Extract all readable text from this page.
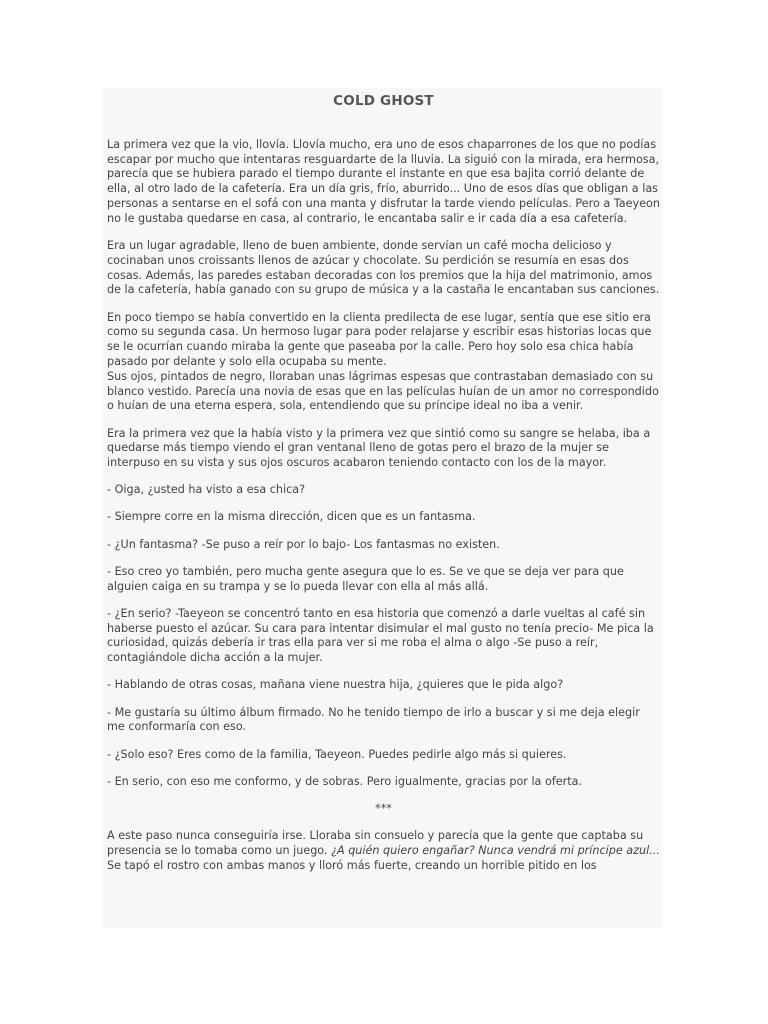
COLD GHOST

La primera vez que la vio, llovía. Llovía mucho, era uno de esos chaparrones de los que no podías escapar por mucho que intentaras resguardarte de la lluvia. La siguió con la mirada, era hermosa, parecía que se hubiera parado el tiempo durante el instante en que esa bajita corrió delante de ella, al otro lado de la cafetería. Era un día gris, frío, aburrido... Uno de esos días que obligan a las personas a sentarse en el sofá con una manta y disfrutar la tarde viendo películas. Pero a Taeyeon no le gustaba quedarse en casa, al contrario, le encantaba salir e ir cada día a esa cafetería.

Era un lugar agradable, lleno de buen ambiente, donde servían un café mocha delicioso y cocinaban unos croissants llenos de azúcar y chocolate. Su perdición se resumía en esas dos cosas. Además, las paredes estaban decoradas con los premios que la hija del matrimonio, amos de la cafetería, había ganado con su grupo de música y a la castaña le encantaban sus canciones.

En poco tiempo se había convertido en la clienta predilecta de ese lugar, sentía que ese sitio era como su segunda casa. Un hermoso lugar para poder relajarse y escribir esas historias locas que se le ocurrían cuando miraba la gente que paseaba por la calle. Pero hoy solo esa chica había pasado por delante y solo ella ocupaba su mente.

Sus ojos, pintados de negro, lloraban unas lágrimas espesas que contrastaban demasiado con su blanco vestido. Parecía una novia de esas que en las películas huían de un amor no correspondido o huían de una eterna espera, sola, entendiendo que su príncipe ideal no iba a venir.

Era la primera vez que la había visto y la primera vez que sintió como su sangre se helaba, iba a quedarse más tiempo viendo el gran ventanal lleno de gotas pero el brazo de la mujer se interpuso en su vista y sus ojos oscuros acabaron teniendo contacto con los de la mayor.

- Oiga, ¿usted ha visto a esa chica?

- Siempre corre en la misma dirección, dicen que es un fantasma.

- ¿Un fantasma? -Se puso a reír por lo bajo- Los fantasmas no existen.

- Eso creo yo también, pero mucha gente asegura que lo es. Se ve que se deja ver para que alguien caiga en su trampa y se lo pueda llevar con ella al más allá.

- ¿En serio? -Taeyeon se concentró tanto en esa historia que comenzó a darle vueltas al café sin haberse puesto el azúcar. Su cara para intentar disimular el mal gusto no tenía precio- Me pica la curiosidad, quizás debería ir tras ella para ver si me roba el alma o algo -Se puso a reír, contagiándole dicha acción a la mujer.

- Hablando de otras cosas, mañana viene nuestra hija, ¿quieres que le pida algo?

- Me gustaría su último álbum firmado. No he tenido tiempo de irlo a buscar y si me deja elegir me conformaría con eso.

- ¿Solo eso? Eres como de la familia, Taeyeon. Puedes pedirle algo más si quieres.

- En serio, con eso me conformo, y de sobras. Pero igualmente, gracias por la oferta.

***

A este paso nunca conseguiría irse. Lloraba sin consuelo y parecía que la gente que captaba su presencia se lo tomaba como un juego. ¿A quién quiero engañar? Nunca vendrá mi príncipe azul... Se tapó el rostro con ambas manos y lloró más fuerte, creando un horrible pitido en los
